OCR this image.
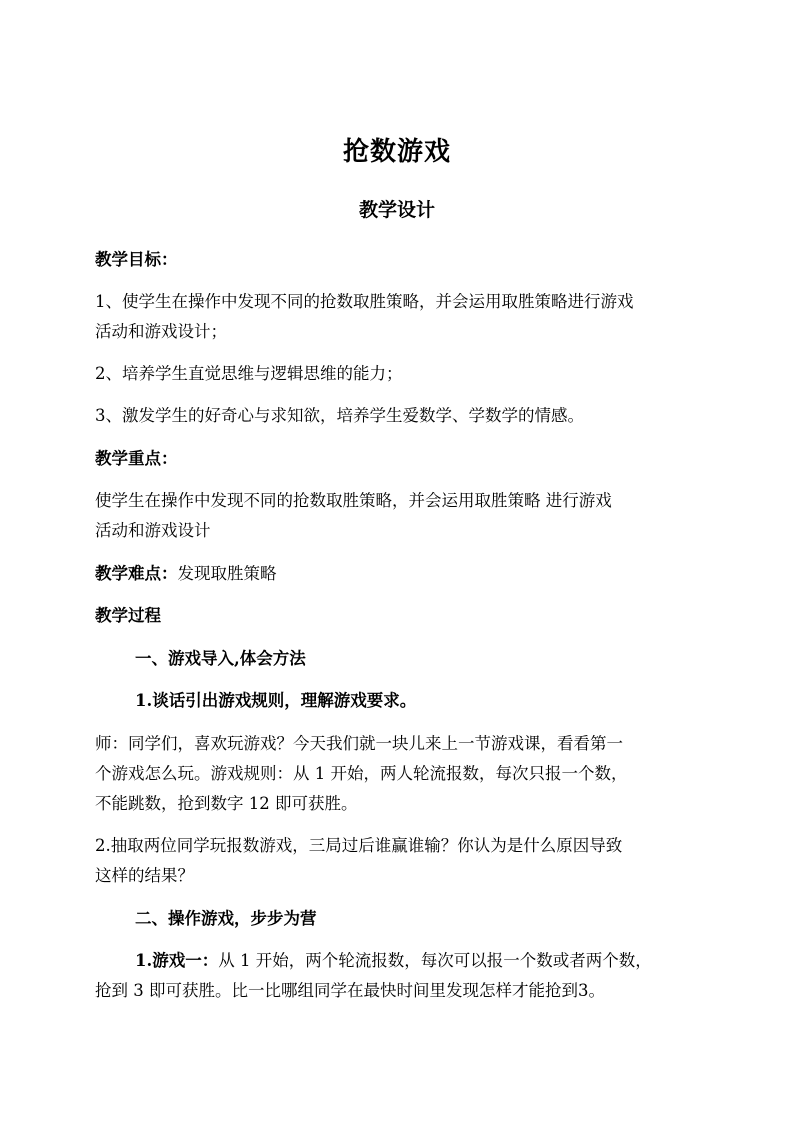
抢数游戏
教学设计
教学目标：
1、使学生在操作中发现不同的抢数取胜策略，并会运用取胜策略进行游戏
活动和游戏设计；
2、培养学生直觉思维与逻辑思维的能力；
3、激发学生的好奇心与求知欲，培养学生爱数学、学数学的情感。
教学重点：
使学生在操作中发现不同的抢数取胜策略，并会运用取胜策略 进行游戏
活动和游戏设计
教学难点：发现取胜策略
教学过程
一、游戏导入,体会方法
1.谈话引出游戏规则，理解游戏要求。
师：同学们，喜欢玩游戏？今天我们就一块儿来上一节游戏课，看看第一
个游戏怎么玩。游戏规则：从 1 开始，两人轮流报数，每次只报一个数，
不能跳数，抢到数字 12 即可获胜。
2.抽取两位同学玩报数游戏，三局过后谁赢谁输？你认为是什么原因导致
这样的结果？
二、操作游戏，步步为营
1.游戏一：从 1 开始，两个轮流报数，每次可以报一个数或者两个数，
抢到 3 即可获胜。比一比哪组同学在最快时间里发现怎样才能抢到3。
